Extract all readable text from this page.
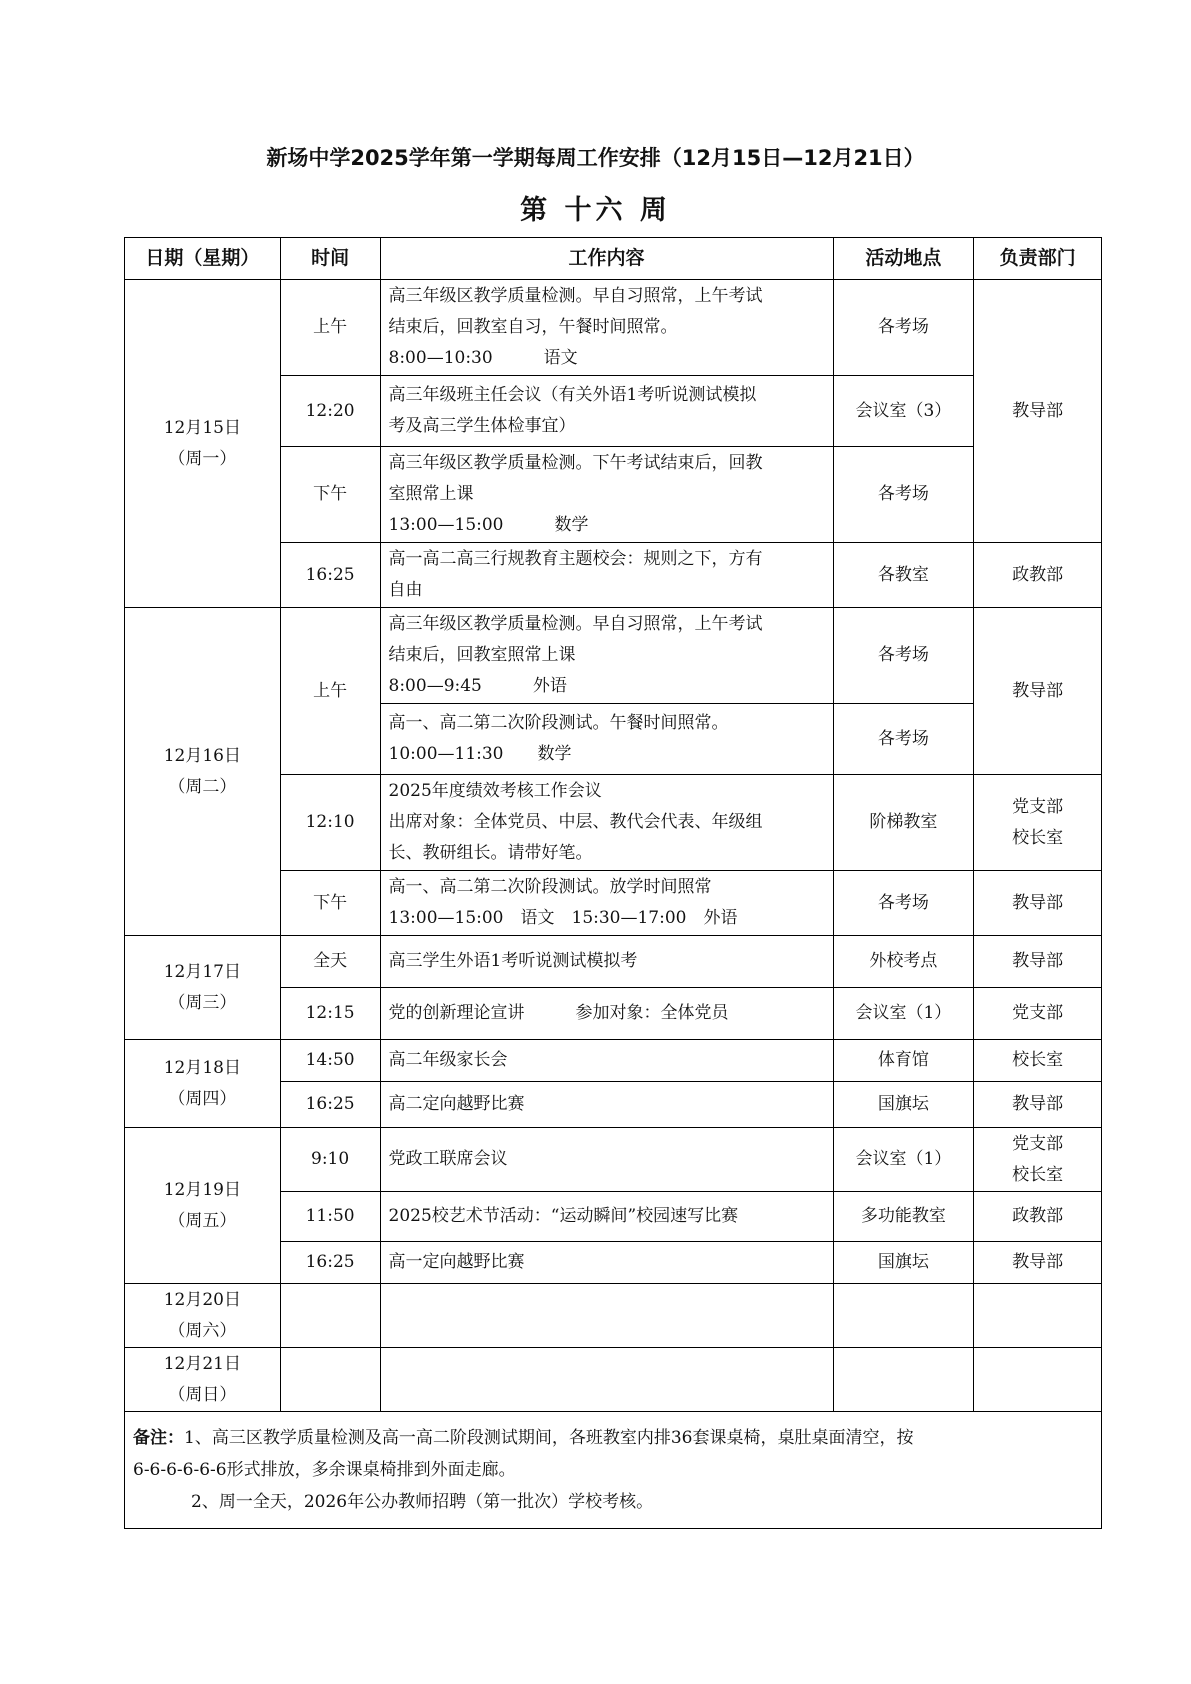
新场中学2025学年第一学期每周工作安排（12月15日—12月21日）
第 十六 周
日期（星期）	时间	工作内容	活动地点	负责部门

12月15日
（周一）	上午	高三年级区教学质量检测。早自习照常，上午考试
结束后，回教室自习，午餐时间照常。
8:00—10:30　　　语文	各考场	教导部
	12:20	高三年级班主任会议（有关外语1考听说测试模拟
考及高三学生体检事宜）	会议室（3）	
	下午	高三年级区教学质量检测。下午考试结束后，回教
室照常上课
13:00—15:00　　　数学	各考场	
	16:25	高一高二高三行规教育主题校会：规则之下，方有
自由	各教室	政教部

12月16日
（周二）	上午	高三年级区教学质量检测。早自习照常，上午考试
结束后，回教室照常上课
8:00—9:45　　　外语	各考场	教导部

		高一、高二第二次阶段测试。午餐时间照常。
10:00—11:30　　数学	各考场	
	12:10	2025年度绩效考核工作会议
出席对象：全体党员、中层、教代会代表、年级组
长、教研组长。请带好笔。	阶梯教室	党支部
校长室

	下午	高一、高二第二次阶段测试。放学时间照常
13:00—15:00　语文　15:30—17:00　外语	各考场	教导部

12月17日
（周三）	全天	高三学生外语1考听说测试模拟考	外校考点	教导部
	12:15	党的创新理论宣讲　　　参加对象：全体党员	会议室（1）	党支部

12月18日
（周四）	14:50	高二年级家长会	体育馆	校长室
	16:25	高二定向越野比赛	国旗坛	教导部

12月19日
（周五）	9:10	党政工联席会议	会议室（1）	党支部
校长室

	11:50	2025校艺术节活动：“运动瞬间”校园速写比赛	多功能教室	政教部
	16:25	高一定向越野比赛	国旗坛	教导部

12月20日
（周六）				

12月21日
（周日）				

备注：1、高三区教学质量检测及高一高二阶段测试期间，各班教室内排36套课桌椅，桌肚桌面清空，按
6-6-6-6-6-6形式排放，多余课桌椅排到外面走廊。
2、周一全天，2026年公办教师招聘（第一批次）学校考核。				
